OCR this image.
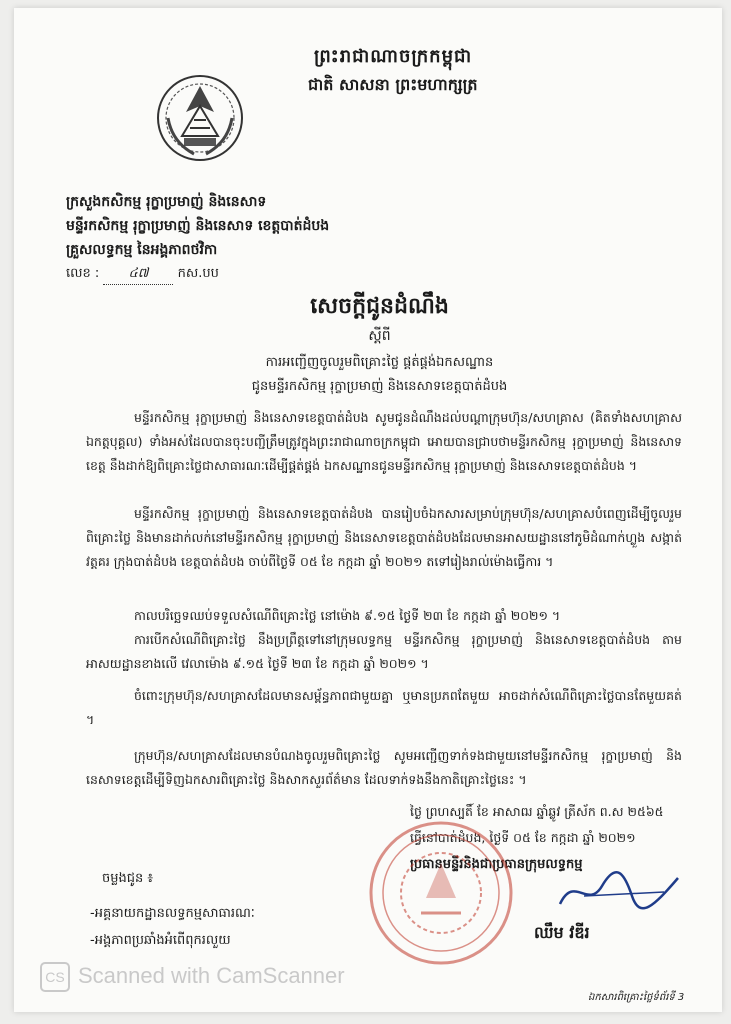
ព្រះរាជាណាចក្រកម្ពុជា
ជាតិ សាសនា ព្រះមហាក្សត្រ
ក្រសួងកសិកម្ម រុក្ខាប្រមាញ់ និងនេសាទ
មន្ទីរកសិកម្ម រុក្ខាប្រមាញ់ និងនេសាទ ខេត្តបាត់ដំបង
គ្រួសលទ្ធកម្ម នៃអង្គភាពថវិកា
លេខ : ៤៧ កស.បប
សេចក្ដីជូនដំណឹង
ស្ដីពី
ការអញ្ជើញចូលរួមពិគ្រោះថ្លៃ ផ្គត់ផ្គង់ឯកសណ្ឋាន
ជូនមន្ទីរកសិកម្ម រុក្ខាប្រមាញ់ និងនេសាទខេត្តបាត់ដំបង
មន្ទីរកសិកម្ម រុក្ខាប្រមាញ់ និងនេសាទខេត្តបាត់ដំបង សូមជូនដំណឹងដល់បណ្ដាក្រុមហ៊ុន/សហគ្រាស (គិតទាំងសហគ្រាស ឯកត្តបុគ្គល) ទាំងអស់ដែលបានចុះបញ្ជីត្រឹមត្រូវក្នុងព្រះរាជាណាចក្រកម្ពុជា អោយបានជ្រាបថាមន្ទីរកសិកម្ម រុក្ខាប្រមាញ់ និងនេសាទខេត្ត នឹងដាក់ឱ្យពិគ្រោះថ្លៃជាសាធារណៈដើម្បីផ្គត់ផ្គង់ ឯកសណ្ឋានជូនមន្ទីរកសិកម្ម រុក្ខាប្រមាញ់ និងនេសាទខេត្តបាត់ដំបង ។
មន្ទីរកសិកម្ម រុក្ខាប្រមាញ់ និងនេសាទខេត្តបាត់ដំបង បានរៀបចំឯកសារសម្រាប់ក្រុមហ៊ុន/សហគ្រាសបំពេញដើម្បីចូលរួមពិគ្រោះថ្លៃ និងមានដាក់លក់នៅមន្ទីរកសិកម្ម រុក្ខាប្រមាញ់ និងនេសាទខេត្តបាត់ដំបងដែលមានអាសយដ្ឋាននៅភូមិដំណាក់ហ្លួង សង្កាត់វត្តគរ ក្រុងបាត់ដំបង ខេត្តបាត់ដំបង ចាប់ពីថ្ងៃទី ០៥ ខែ កក្កដា ឆ្នាំ ២០២១ តទៅរៀងរាល់ម៉ោងធ្វើការ ។
កាលបរិច្ឆេទឈប់ទទួលសំណើពិគ្រោះថ្លៃ នៅម៉ោង ៩.១៥ ថ្ងៃទី ២៣ ខែ កក្កដា ឆ្នាំ ២០២១ ។
ការបើកសំណើពិគ្រោះថ្លៃ នឹងប្រព្រឹត្តទៅនៅក្រុមលទ្ធកម្ម មន្ទីរកសិកម្ម រុក្ខាប្រមាញ់ និងនេសាទខេត្តបាត់ដំបង តាមអាសយដ្ឋានខាងលើ វេលាម៉ោង ៩.១៥ ថ្ងៃទី ២៣ ខែ កក្កដា ឆ្នាំ ២០២១ ។
ចំពោះក្រុមហ៊ុន/សហគ្រាសដែលមានសម្ព័ន្ធភាពជាមួយគ្នា ឬមានប្រភពតែមួយ អាចដាក់សំណើពិគ្រោះថ្លៃបានតែមួយគត់ ។
ក្រុមហ៊ុន/សហគ្រាសដែលមានបំណងចូលរួមពិគ្រោះថ្លៃ សូមអញ្ជើញទាក់ទងជាមួយនៅមន្ទីរកសិកម្ម រុក្ខាប្រមាញ់ និងនេសាទខេត្តដើម្បីទិញឯកសារពិគ្រោះថ្លៃ និងសាកសួរព័ត៌មាន ដែលទាក់ទងនឹងកាតិគ្រោះថ្លៃនេះ ។
ថ្ងៃ ព្រហស្បតិ៍ ខែ អាសាឍ ឆ្នាំឆ្លូវ ត្រីស័ក ព.ស ២៥៦៥
ធ្វើនៅបាត់ដំបង, ថ្ងៃទី ០៥ ខែ កក្កដា ឆ្នាំ ២០២១
ប្រធានមន្ទីរនិងជាប្រធានក្រុមលទ្ធកម្ម
ឈឹម វឌីរ
ចម្លងជូន ៖
-អគ្គនាយកដ្ឋានលទ្ធកម្មសាធារណៈ
-អង្គភាពប្រឆាំងអំពើពុករលួយ
ឯកសារពិគ្រោះថ្លៃទំព័រទី 3
CS Scanned with CamScanner
